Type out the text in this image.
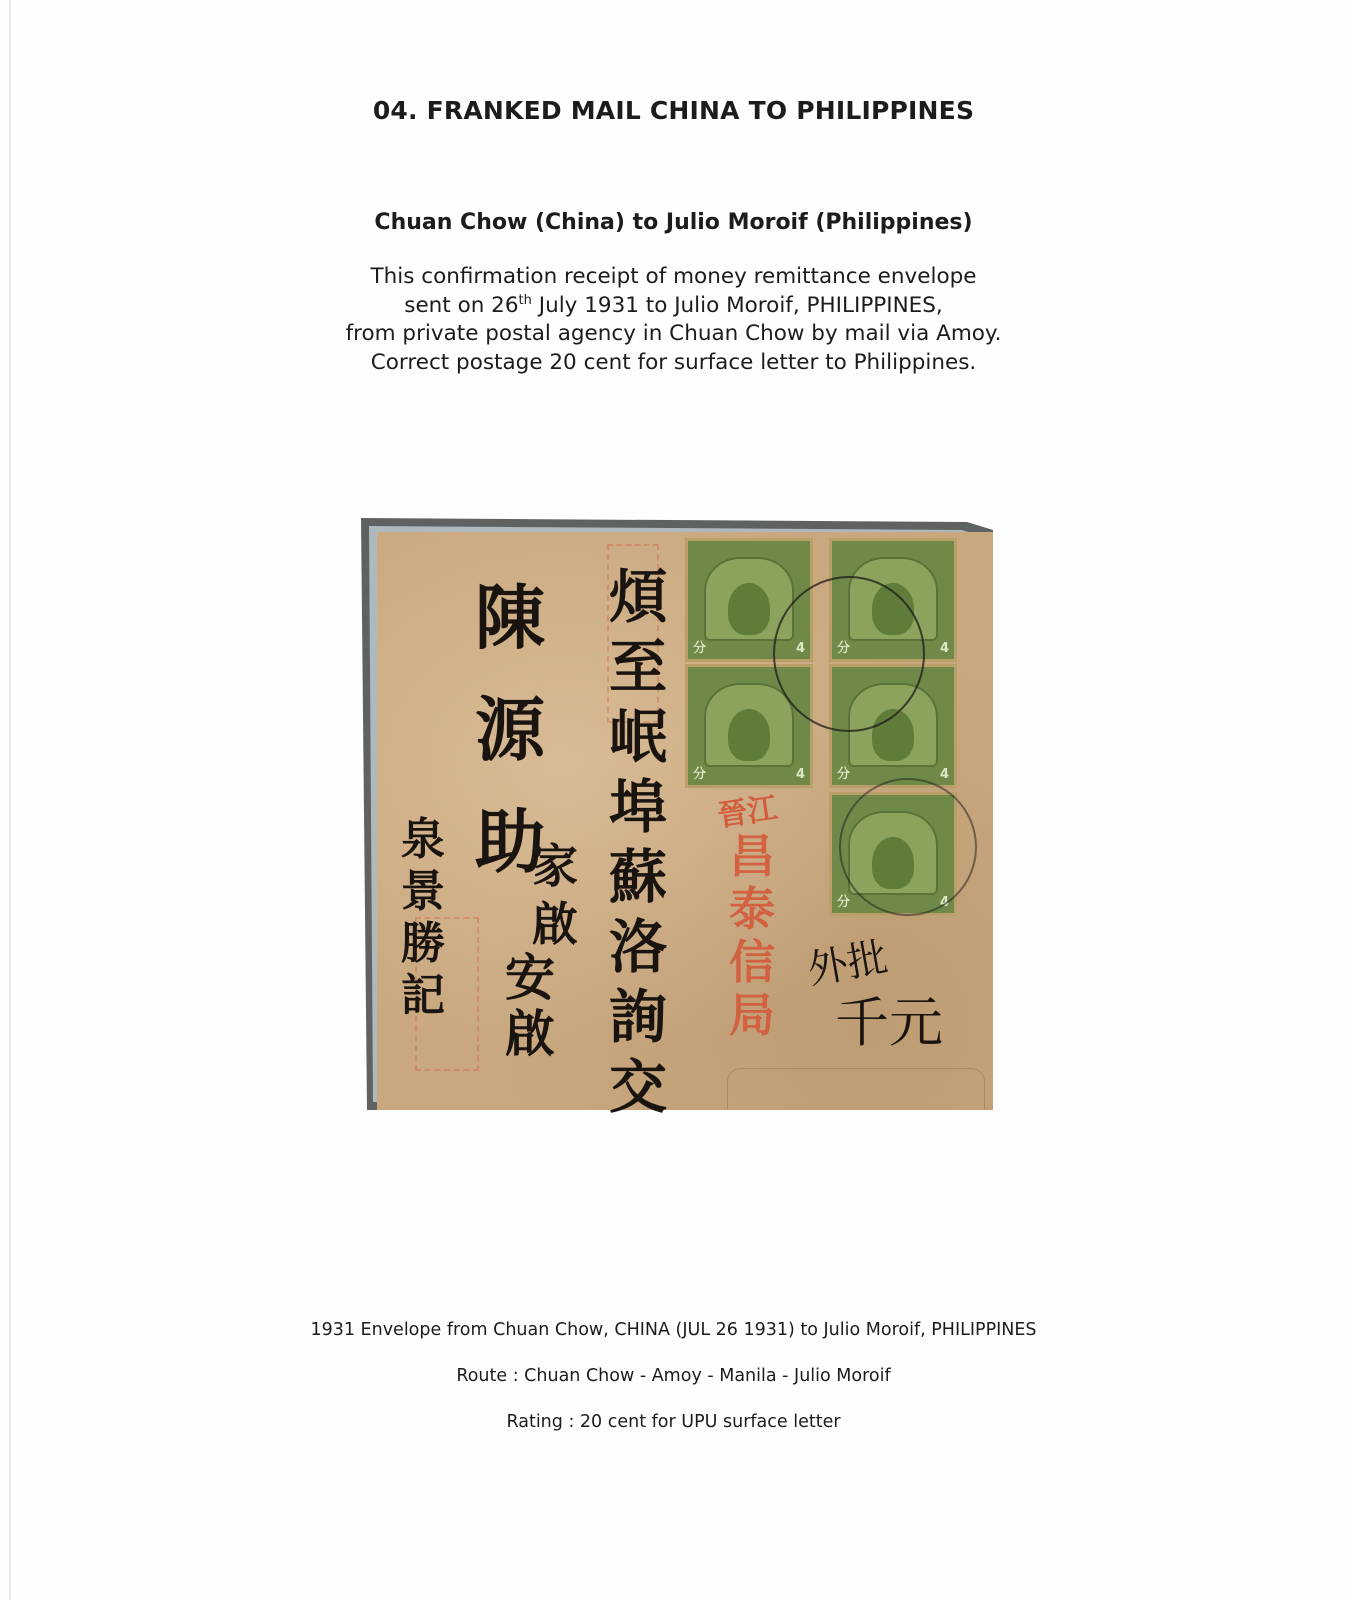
04. FRANKED MAIL CHINA TO PHILIPPINES
Chuan Chow (China) to Julio Moroif (Philippines)
This confirmation receipt of money remittance envelope
sent on 26th July 1931 to Julio Moroif, PHILIPPINES,
from private postal agency in Chuan Chow by mail via Amoy.
Correct postage 20 cent for surface letter to Philippines.
晉江
昌泰信局
陳源助
煩至岷埠
蘇洛詢交
家啟
安啟
泉景勝記
外批
千元
分	4 分	4
分	4 分	4
分	4
1931 Envelope from Chuan Chow, CHINA (JUL 26 1931) to Julio Moroif, PHILIPPINES
Route : Chuan Chow - Amoy - Manila - Julio Moroif
Rating : 20 cent for UPU surface letter
